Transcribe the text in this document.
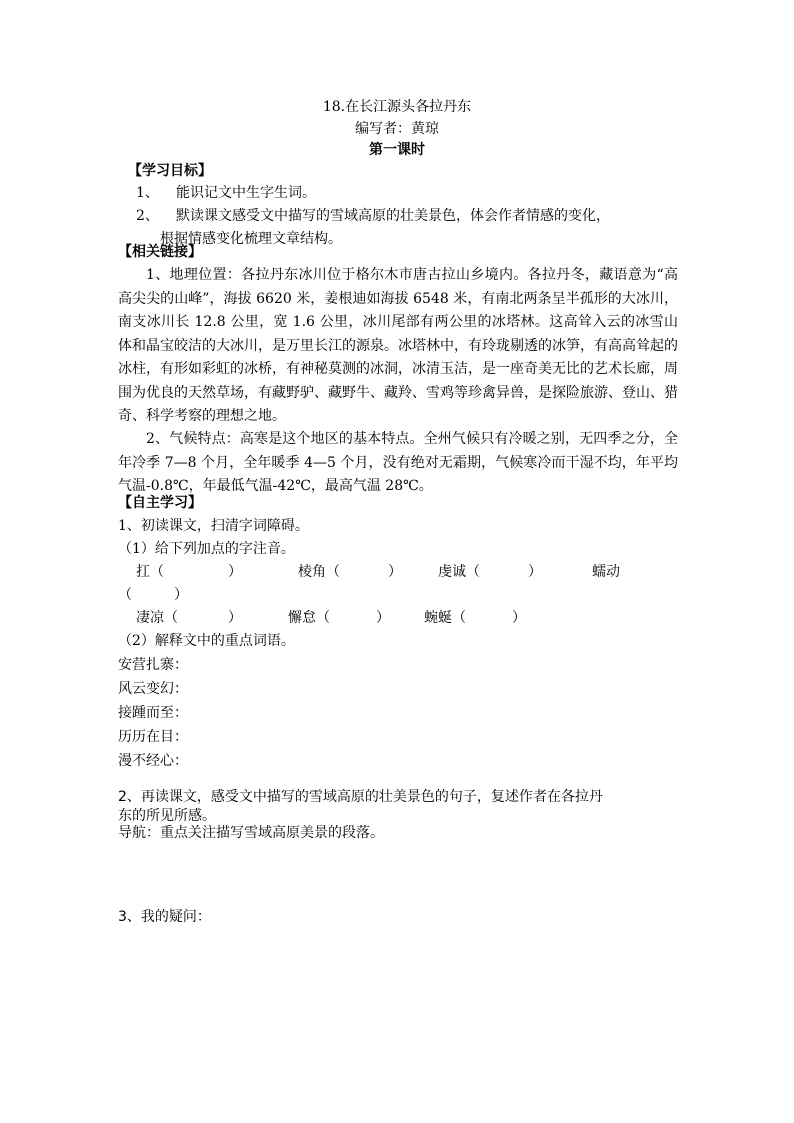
18.在长江源头各拉丹东
编写者：黄琼
第一课时
【学习目标】
1、 能识记文中生字生词。
2、 默读课文感受文中描写的雪域高原的壮美景色，体会作者情感的变化，
根据情感变化梳理文章结构。
【相关链接】
1、地理位置：各拉丹东冰川位于格尔木市唐古拉山乡境内。各拉丹冬，藏语意为“高高尖尖的山峰”，海拔 6620 米，姜根迪如海拔 6548 米，有南北两条呈半孤形的大冰川，南支冰川长 12.8 公里，宽 1.6 公里，冰川尾部有两公里的冰塔林。这高耸入云的冰雪山体和晶宝皎洁的大冰川，是万里长江的源泉。冰塔林中，有玲珑剔透的冰笋，有高高耸起的冰柱，有形如彩虹的冰桥，有神秘莫测的冰洞，冰清玉洁，是一座奇美无比的艺术长廊，周围为优良的天然草场，有藏野驴、藏野牛、藏羚、雪鸡等珍禽异兽，是探险旅游、登山、猎奇、科学考察的理想之地。
2、气候特点：高寒是这个地区的基本特点。全州气候只有冷暖之别，无四季之分，全年冷季 7—8 个月，全年暖季 4—5 个月，没有绝对无霜期，气候寒冷而干湿不均，年平均气温-0.8℃，年最低气温-42℃，最高气温 28℃。
【自主学习】
1、初读课文，扫清字词障碍。
（1）给下列加点的字注音。
扛（	）	棱角（	）	虔诚（	）	蠕动
（　　　）
凄凉（	）	懈怠（	） 蜿蜒（	）
（2）解释文中的重点词语。
安营扎寨：
风云变幻：
接踵而至：
历历在目：
漫不经心：
2、再读课文，感受文中描写的雪域高原的壮美景色的句子，复述作者在各拉丹
东的所见所感。
导航：重点关注描写雪域高原美景的段落。
3、我的疑问：
